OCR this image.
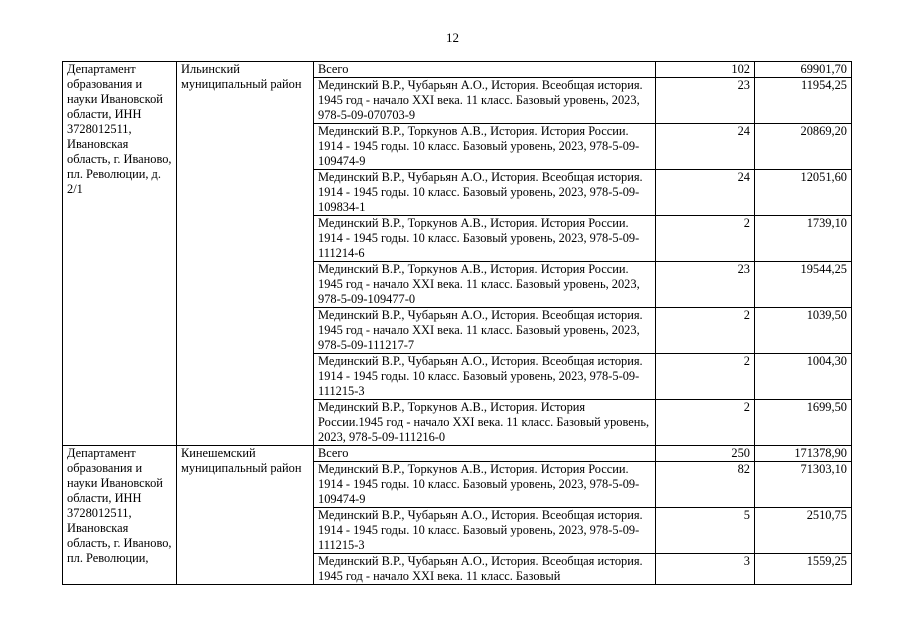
12
Департамент образования и науки Ивановской области, ИНН 3728012511, Ивановская область, г. Иваново, пл. Революции, д. 2/1	Ильинский муниципальный район	Всего	102	69901,70

		Мединский В.Р., Чубарьян А.О., История. Всеобщая история. 1945 год - начало XXI века. 11 класс. Базовый уровень, 2023, 978-5-09-070703-9	23	11954,25

		Мединский В.Р., Торкунов А.В., История. История России. 1914 - 1945 годы. 10 класс. Базовый уровень, 2023, 978-5-09-109474-9	24	20869,20

		Мединский В.Р., Чубарьян А.О., История. Всеобщая история. 1914 - 1945 годы. 10 класс. Базовый уровень, 2023, 978-5-09-109834-1	24	12051,60

		Мединский В.Р., Торкунов А.В., История. История России. 1914 - 1945 годы. 10 класс. Базовый уровень, 2023, 978-5-09-111214-6	2	1739,10

		Мединский В.Р., Торкунов А.В., История. История России. 1945 год - начало XXI века. 11 класс. Базовый уровень, 2023, 978-5-09-109477-0	23	19544,25

		Мединский В.Р., Чубарьян А.О., История. Всеобщая история. 1945 год - начало XXI века. 11 класс. Базовый уровень, 2023, 978-5-09-111217-7	2	1039,50

		Мединский В.Р., Чубарьян А.О., История. Всеобщая история. 1914 - 1945 годы. 10 класс. Базовый уровень, 2023, 978-5-09-111215-3	2	1004,30

		Мединский В.Р., Торкунов А.В., История. История России.1945 год - начало XXI века. 11 класс. Базовый уровень, 2023, 978-5-09-111216-0	2	1699,50
Департамент образования и науки Ивановской области, ИНН 3728012511, Ивановская область, г. Иваново, пл. Революции,	Кинешемский муниципальный район	Всего	250	171378,90

		Мединский В.Р., Торкунов А.В., История. История России. 1914 - 1945 годы. 10 класс. Базовый уровень, 2023, 978-5-09-109474-9	82	71303,10

		Мединский В.Р., Чубарьян А.О., История. Всеобщая история. 1914 - 1945 годы. 10 класс. Базовый уровень, 2023, 978-5-09-111215-3	5	2510,75

		Мединский В.Р., Чубарьян А.О., История. Всеобщая история. 1945 год - начало XXI века. 11 класс. Базовый	3	1559,25
